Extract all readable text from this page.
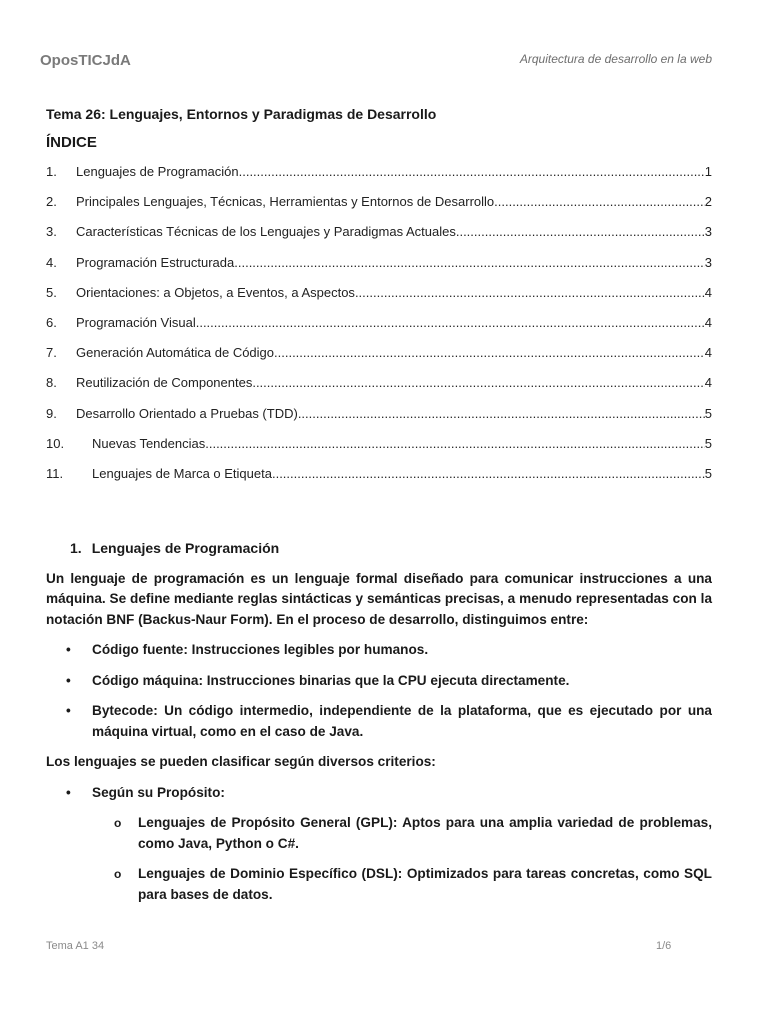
OposTICJdA	Arquitectura de desarrollo en la web
Tema 26: Lenguajes, Entornos y Paradigmas de Desarrollo
ÍNDICE
1.	Lenguajes de Programación .....	1
2.	Principales Lenguajes, Técnicas, Herramientas y Entornos de Desarrollo .....	2
3.	Características Técnicas de los Lenguajes y Paradigmas Actuales .....	3
4.	Programación Estructurada .....	3
5.	Orientaciones: a Objetos, a Eventos, a Aspectos .....	4
6.	Programación Visual .....	4
7.	Generación Automática de Código .....	4
8.	Reutilización de Componentes .....	4
9.	Desarrollo Orientado a Pruebas (TDD) .....	5
10.	Nuevas Tendencias .....	5
11.	Lenguajes de Marca o Etiqueta .....	5
1. Lenguajes de Programación
Un lenguaje de programación es un lenguaje formal diseñado para comunicar instrucciones a una máquina. Se define mediante reglas sintácticas y semánticas precisas, a menudo representadas con la notación BNF (Backus-Naur Form). En el proceso de desarrollo, distinguimos entre:
• Código fuente: Instrucciones legibles por humanos.
• Código máquina: Instrucciones binarias que la CPU ejecuta directamente.
• Bytecode: Un código intermedio, independiente de la plataforma, que es ejecutado por una máquina virtual, como en el caso de Java.
Los lenguajes se pueden clasificar según diversos criterios:
• Según su Propósito:
o Lenguajes de Propósito General (GPL): Aptos para una amplia variedad de problemas, como Java, Python o C#.
o Lenguajes de Dominio Específico (DSL): Optimizados para tareas concretas, como SQL para bases de datos.
Tema A1 34	1/6
